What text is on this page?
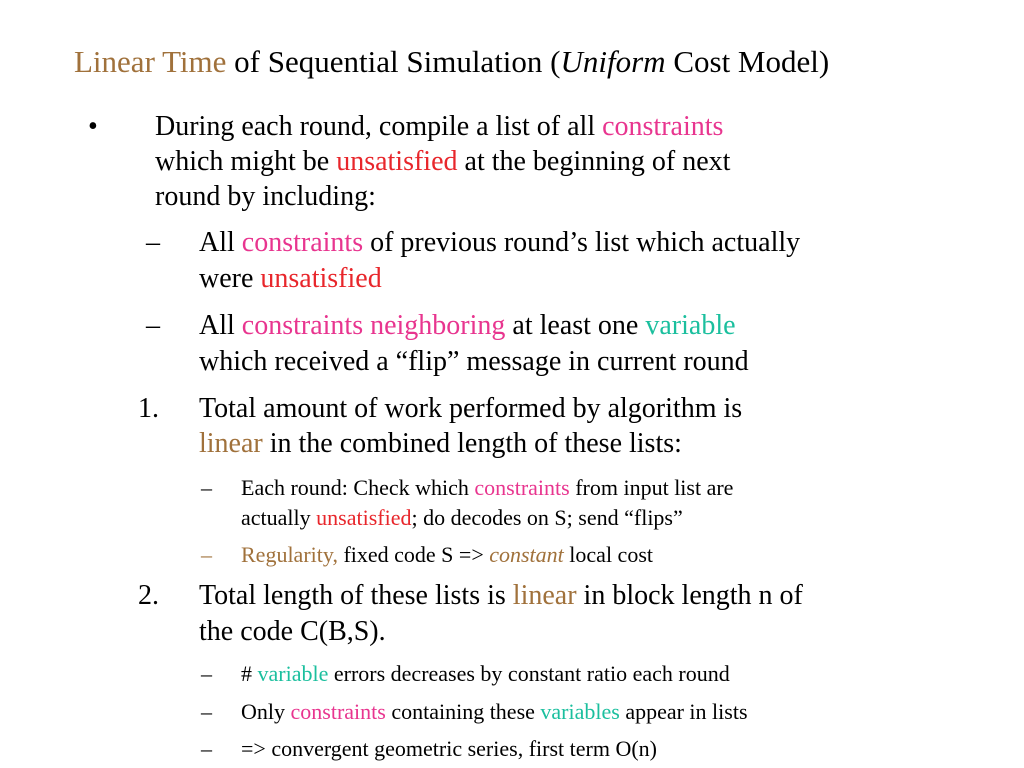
Linear Time of Sequential Simulation (Uniform Cost Model)
• During each round, compile a list of all constraints
which might be unsatisfied at the beginning of next
round by including:
– All constraints of previous round’s list which actually
were unsatisfied
– All constraints neighboring at least one variable
which received a “flip” message in current round
1. Total amount of work performed by algorithm is
linear in the combined length of these lists:
– Each round: Check which constraints from input list are
actually unsatisfied; do decodes on S; send “flips”
– Regularity, fixed code S => constant local cost
2. Total length of these lists is linear in block length n of
the code C(B,S).
– # variable errors decreases by constant ratio each round
– Only constraints containing these variables appear in lists
– => convergent geometric series, first term O(n)
